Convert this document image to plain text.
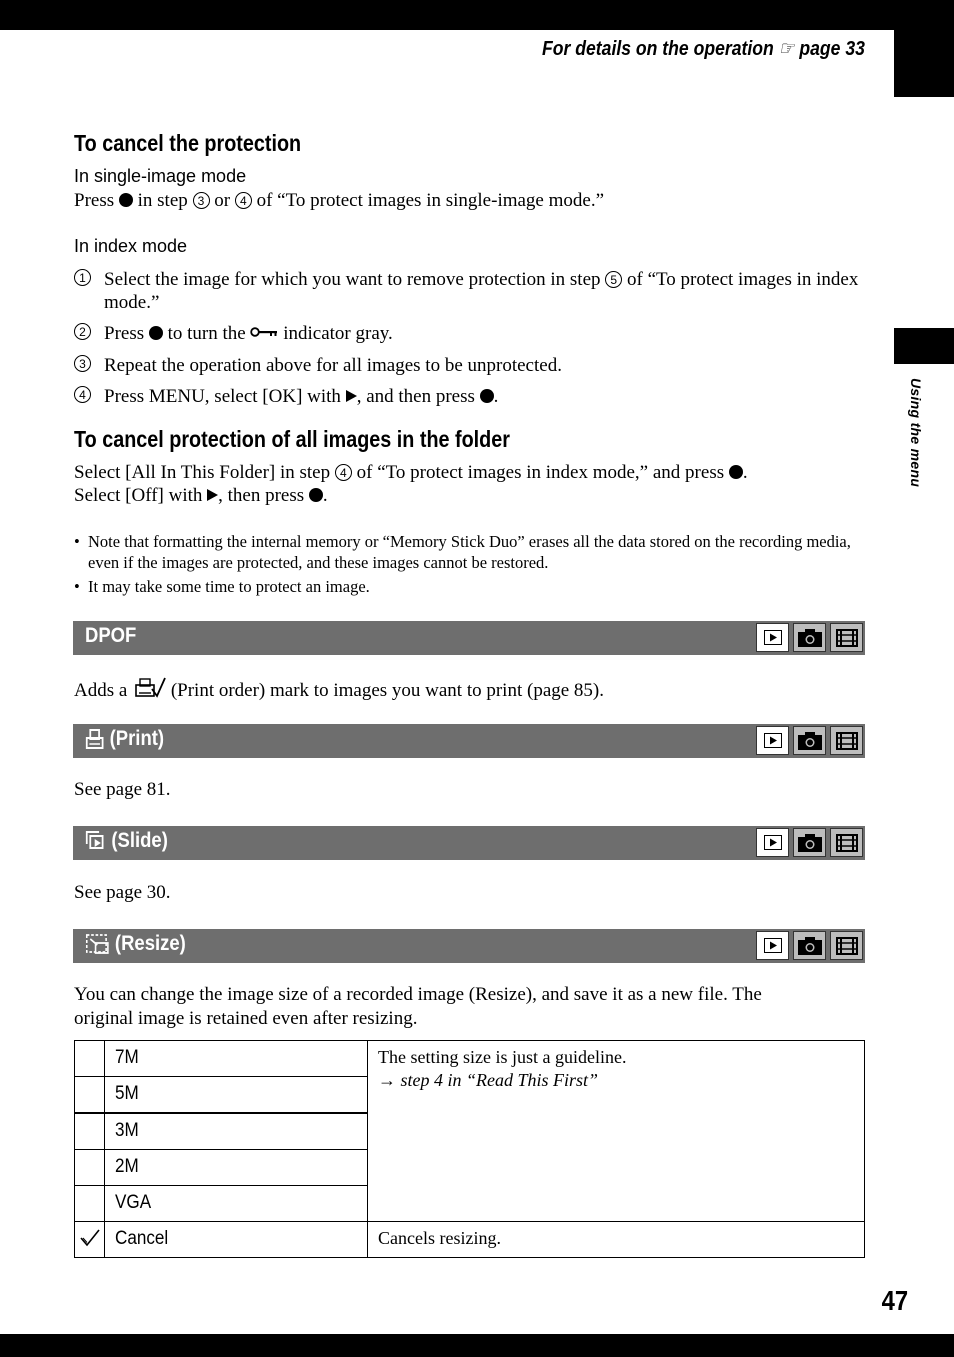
Using the menu
For details on the operation ☞ page 33
To cancel the protection
In single-image mode
Press in step 3 or 4 of “To protect images in single-image mode.”
In index mode
1 Select the image for which you want to remove protection in step 5 of “To protect images in index mode.”
2 Press to turn the indicator gray.
3 Repeat the operation above for all images to be unprotected.
4 Press MENU, select [OK] with , and then press .
To cancel protection of all images in the folder
Select [All In This Folder] in step 4 of “To protect images in index mode,” and press .
Select [Off] with , then press .
• Note that formatting the internal memory or “Memory Stick Duo” erases all the data stored on the recording media, even if the images are protected, and these images cannot be restored.
• It may take some time to protect an image.
DPOF
Adds a (Print order) mark to images you want to print (page 85).
(Print)
See page 81.
(Slide)
See page 30.
(Resize)
You can change the image size of a recorded image (Resize), and save it as a new file. The
original image is retained even after resizing.
	7M	The setting size is just a guideline.
→ step 4 in “Read This First”
	5M	
	3M	
	2M	
	VGA	
	Cancel	Cancels resizing.
47
